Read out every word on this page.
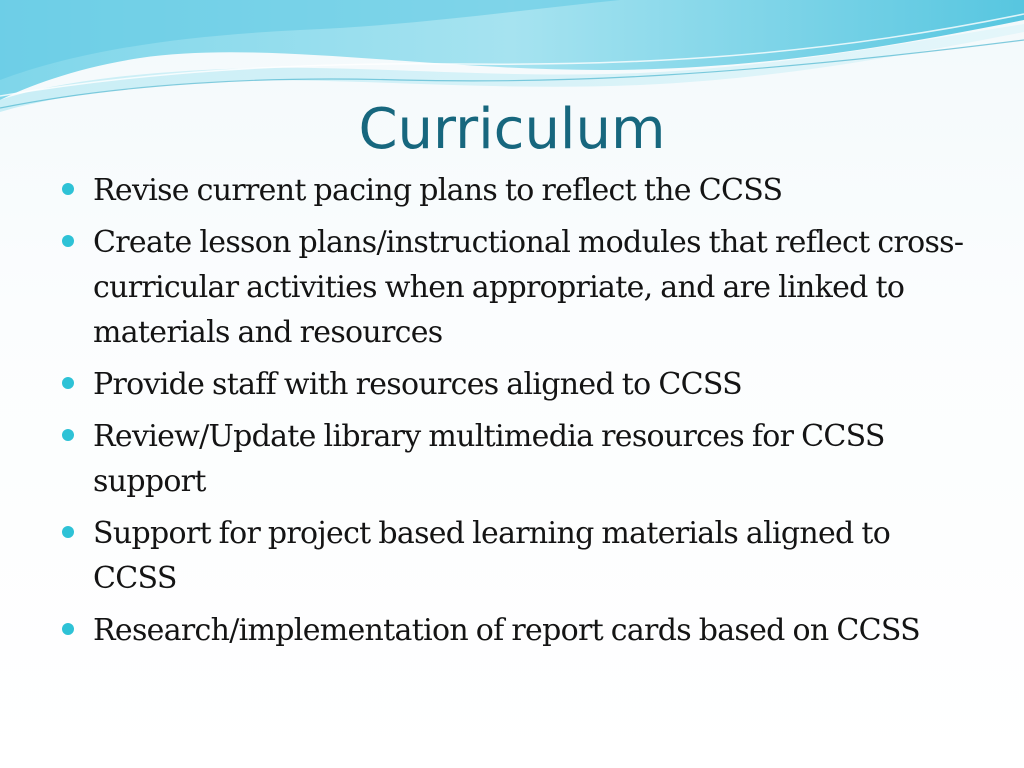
Curriculum
Revise current pacing plans to reflect the CCSS
Create lesson plans/instructional modules that reflect cross-curricular activities when appropriate, and are linked to materials and resources
Provide staff with resources aligned to CCSS
Review/Update library multimedia resources for CCSS support
Support for project based learning materials aligned to CCSS
Research/implementation of report cards based on CCSS
